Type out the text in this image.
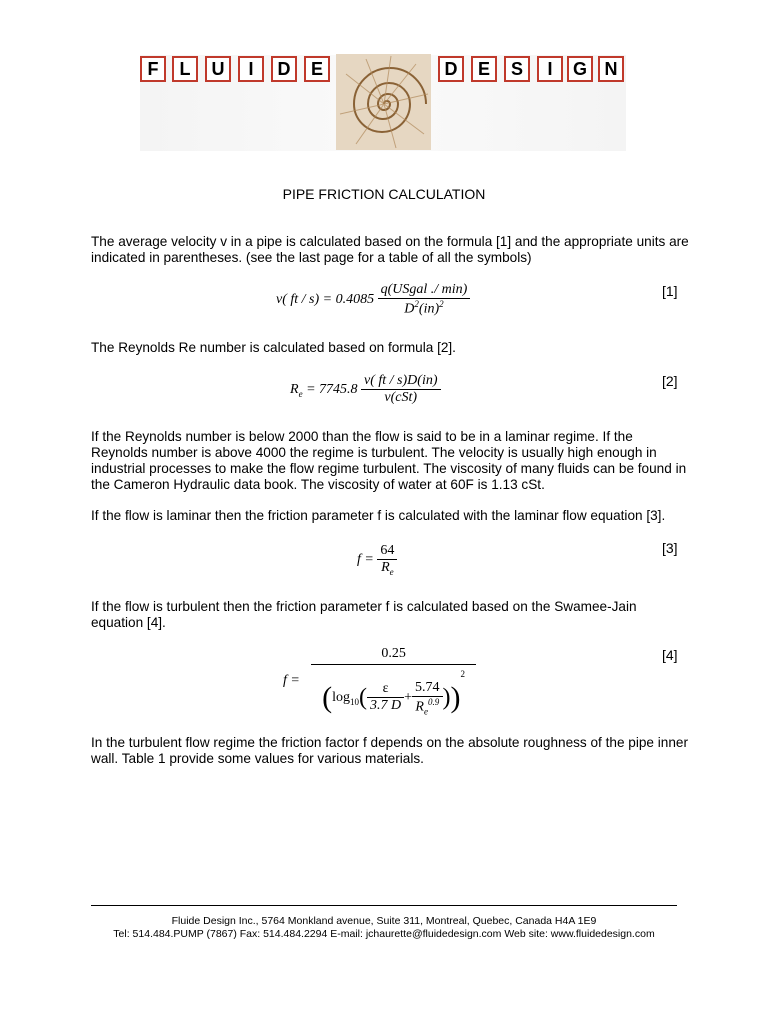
F	L	U	I	D	E	D	E	S	I	G N
PIPE FRICTION CALCULATION
The average velocity v in a pipe is calculated based on the formula [1] and the appropriate units are indicated in parentheses. (see the last page for a table of all the symbols)
v( ft / $s) = 0.4085 \frac{\text{q(USgal ./ min)}}{D^2(in)^2}$	[1]
The Reynolds Re number is calculated based on formula [2].
$R_e = 7745.8 \frac{v( ft / s)D(in)}{\text{ν(cSt)}}$	[2]
If the Reynolds number is below 2000 than the flow is said to be in a laminar regime. If the Reynolds number is above 4000 the regime is turbulent. The velocity is usually high enough in industrial processes to make the flow regime turbulent. The viscosity of many fluids can be found in the Cameron Hydraulic data book. The viscosity of water at 60F is 1.13 cSt.
If the flow is laminar then the friction parameter f is calculated with the laminar flow equation [3].
$f = \frac{64}{R_e}$	[3]
If the flow is turbulent then the friction parameter f is calculated based on the Swamee-Jain equation [4].
$f = \frac{0.25}{(\log_{10}( \frac{\varepsilon}{3.7 D} + \frac{5.74}{R_e^{0.9}} ))^2}$	[4]
In the turbulent flow regime the friction factor f depends on the absolute roughness of the pipe inner wall. Table 1 provide some values for various materials.
Fluide Design Inc., 5764 Monkland avenue, Suite 311, Montreal, Quebec, Canada H4A 1E9
Tel: 514.484.PUMP (7867) Fax: 514.484.2294 E-mail: jchaurette@fluidedesign.com Web site: www.fluidedesign.com
